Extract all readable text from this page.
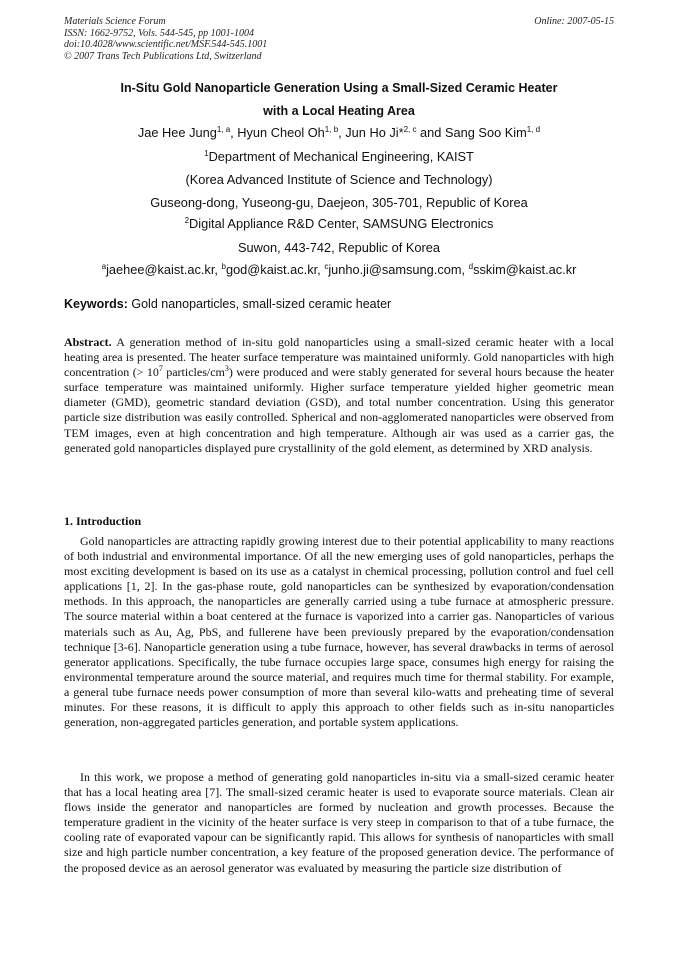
Materials Science Forum
ISSN: 1662-9752, Vols. 544-545, pp 1001-1004
doi:10.4028/www.scientific.net/MSF.544-545.1001
© 2007 Trans Tech Publications Ltd, Switzerland
Online: 2007-05-15
In-Situ Gold Nanoparticle Generation Using a Small-Sized Ceramic Heater
with a Local Heating Area
Jae Hee Jung$^{1, a}$, Hyun Cheol Oh$^{1, b}$, Jun Ho Ji*$^{2, c}$ and Sang Soo Kim$^{1, d}$
$^1$Department of Mechanical Engineering, KAIST
(Korea Advanced Institute of Science and Technology)
Guseong-dong, Yuseong-gu, Daejeon, 305-701, Republic of Korea
$^2$Digital Appliance R&D Center, SAMSUNG Electronics
Suwon, 443-742, Republic of Korea
$^a$jaehee@kaist.ac.kr, $^b$god@kaist.ac.kr, $^c$junho.ji@samsung.com, $^d$sskim@kaist.ac.kr
Keywords: Gold nanoparticles, small-sized ceramic heater
Abstract. A generation method of in-situ gold nanoparticles using a small-sized ceramic heater with a local heating area is presented. The heater surface temperature was maintained uniformly. Gold nanoparticles with high concentration (> $10^7$ particles/$cm^3$) were produced and were stably generated for several hours because the heater surface temperature was maintained uniformly. Higher surface temperature yielded higher geometric mean diameter (GMD), geometric standard deviation (GSD), and total number concentration. Using this generator particle size distribution was easily controlled. Spherical and non-agglomerated nanoparticles were observed from TEM images, even at high concentration and high temperature. Although air was used as a carrier gas, the generated gold nanoparticles displayed pure crystallinity of the gold element, as determined by XRD analysis.
1. Introduction
Gold nanoparticles are attracting rapidly growing interest due to their potential applicability to many reactions of both industrial and environmental importance. Of all the new emerging uses of gold nanoparticles, perhaps the most exciting development is based on its use as a catalyst in chemical processing, pollution control and fuel cell applications [1, 2]. In the gas-phase route, gold nanoparticles can be synthesized by evaporation/condensation methods. In this approach, the nanoparticles are generally carried using a tube furnace at atmospheric pressure. The source material within a boat centered at the furnace is vaporized into a carrier gas. Nanoparticles of various materials such as Au, Ag, PbS, and fullerene have been previously prepared by the evaporation/condensation technique [3-6]. Nanoparticle generation using a tube furnace, however, has several drawbacks in terms of aerosol generator applications. Specifically, the tube furnace occupies large space, consumes high energy for raising the environmental temperature around the source material, and requires much time for thermal stability. For example, a general tube furnace needs power consumption of more than several kilo-watts and preheating time of several minutes. For these reasons, it is difficult to apply this approach to other fields such as in-situ nanoparticles generation, non-aggregated particles generation, and portable system applications.
In this work, we propose a method of generating gold nanoparticles in-situ via a small-sized ceramic heater that has a local heating area [7]. The small-sized ceramic heater is used to evaporate source materials. Clean air flows inside the generator and nanoparticles are formed by nucleation and growth processes. Because the temperature gradient in the vicinity of the heater surface is very steep in comparison to that of a tube furnace, the cooling rate of evaporated vapour can be significantly rapid. This allows for synthesis of nanoparticles with small size and high particle number concentration, a key feature of the proposed generation device. The performance of the proposed device as an aerosol generator was evaluated by measuring the particle size distribution of
